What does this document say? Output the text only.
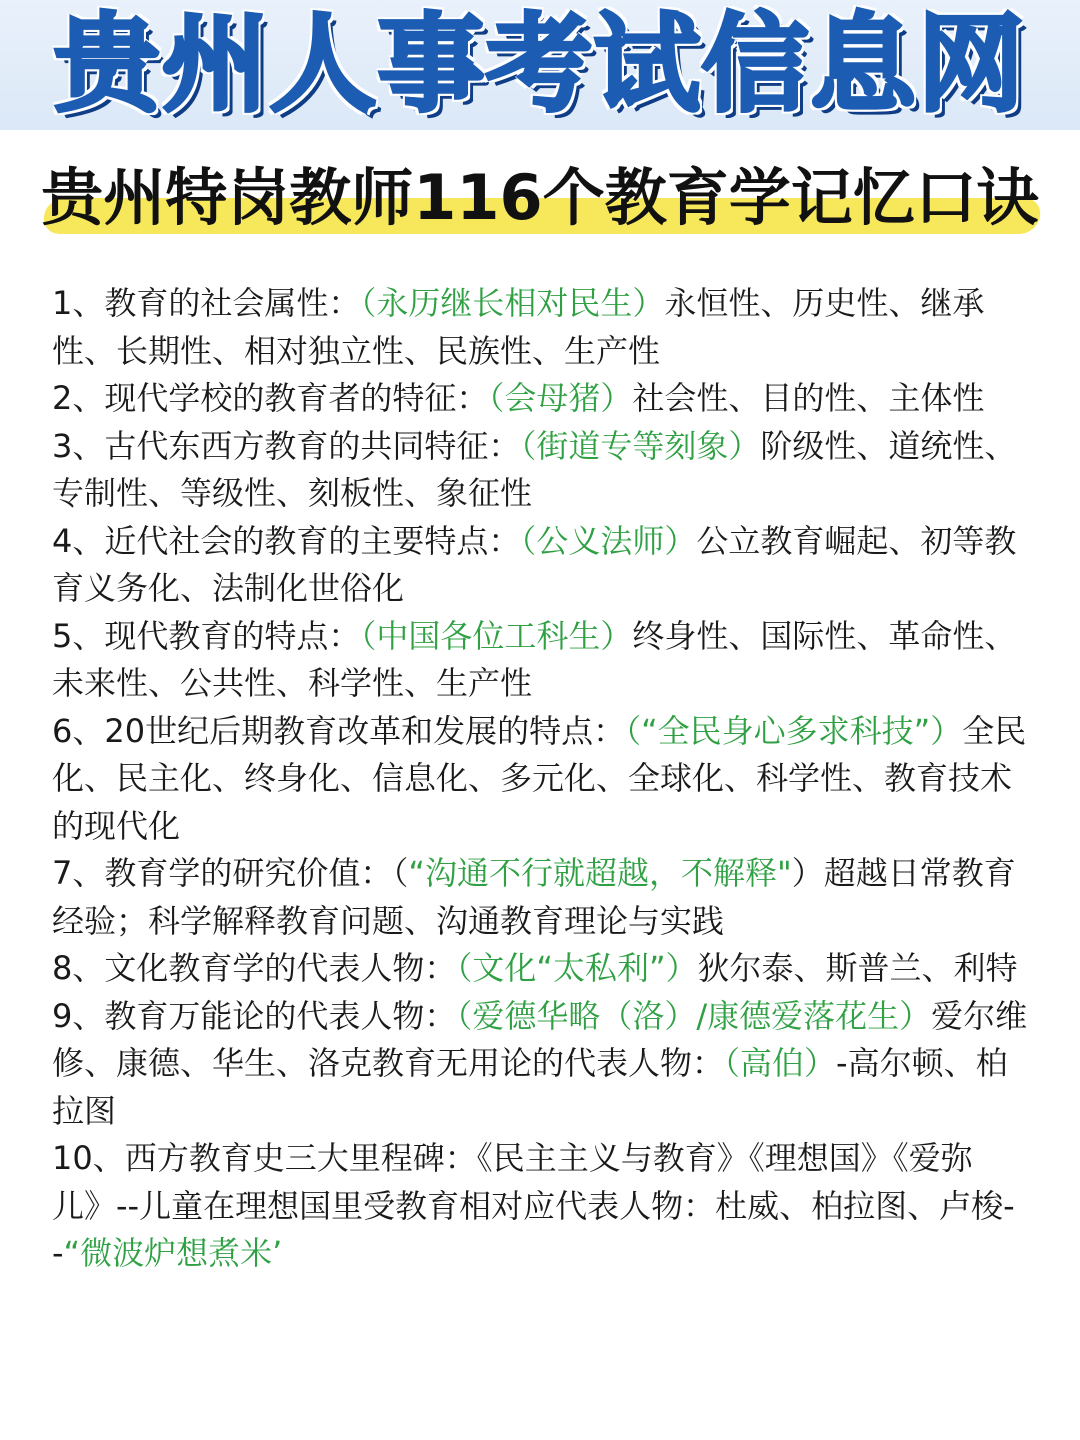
贵州人事考试信息网
贵州特岗教师116个教育学记忆口诀

1、教育的社会属性：（永历继长相对民生）永恒性、历史性、继承性、长期性、相对独立性、民族性、生产性

2、现代学校的教育者的特征：（会母猪）社会性、目的性、主体性

3、古代东西方教育的共同特征：（街道专等刻象）阶级性、道统性、专制性、等级性、刻板性、象征性

4、近代社会的教育的主要特点：（公义法师）公立教育崛起、初等教育义务化、法制化世俗化

5、现代教育的特点：（中国各位工科生）终身性、国际性、革命性、未来性、公共性、科学性、生产性

6、20世纪后期教育改革和发展的特点：（“全民身心多求科技”）全民化、民主化、终身化、信息化、多元化、全球化、科学性、教育技术的现代化

7、教育学的研究价值：（“沟通不行就超越，不解释"）超越日常教育经验；科学解释教育问题、沟通教育理论与实践

8、文化教育学的代表人物：（文化“太私利”）狄尔泰、斯普兰、利特

9、教育万能论的代表人物：（爱德华略（洛）/康德爱落花生）爱尔维修、康德、华生、洛克教育无用论的代表人物：（高伯）-高尔顿、柏拉图

10、西方教育史三大里程碑：《民主主义与教育》《理想国》《爱弥儿》--儿童在理想国里受教育相对应代表人物：杜威、柏拉图、卢梭--“微波炉想煮米’
